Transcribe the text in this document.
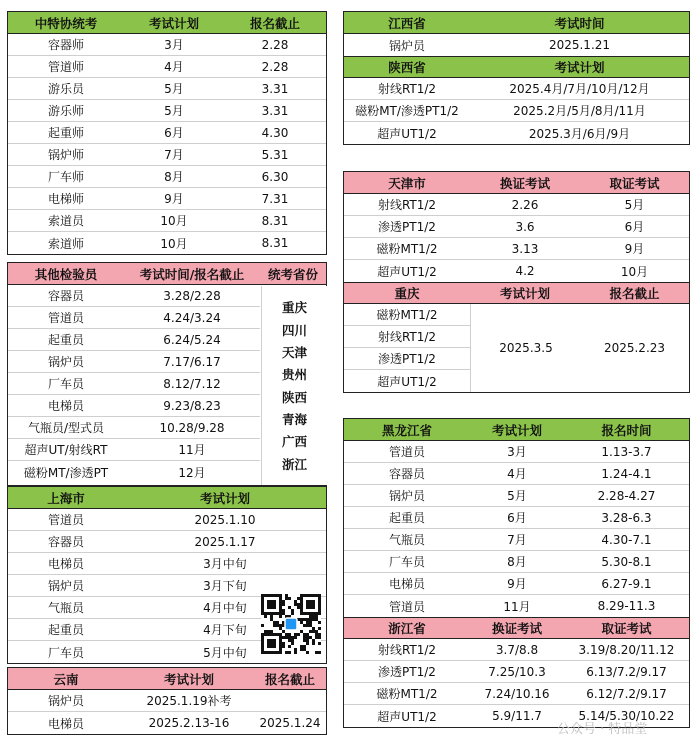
中特协统考	考试计划	报名截止
容器师	3月	2.28
管道师	4月	2.28
游乐员	5月	3.31
游乐师	5月	3.31
起重师	6月	4.30
锅炉师	7月	5.31
厂车师	8月	6.30
电梯师	9月	7.31
索道员	10月	8.31
索道师	10月	8.31
其他检验员	考试时间/报名截止	统考省份
容器员	3.28/2.28
管道员	4.24/3.24
起重员	6.24/5.24
锅炉员	7.17/6.17
厂车员	8.12/7.12
电梯员	9.23/8.23
气瓶员/型式员	10.28/9.28
超声UT/射线RT	11月
磁粉MT/渗透PT	12月
重庆
四川
天津
贵州
陕西
青海
广西
浙江
上海市	考试计划
管道员	2025.1.10
容器员	2025.1.17
电梯员	3月中旬
锅炉员	3月下旬
气瓶员	4月中旬
起重员	4月下旬
厂车员	5月中旬
云南	考试计划	报名截止
锅炉员	2025.1.19补考
电梯员	2025.2.13-16	2025.1.24
江西省	考试时间
锅炉员	2025.1.21
陕西省	考试计划
射线RT1/2	2025.4月/7月/10月/12月
磁粉MT/渗透PT1/2	2025.2月/5月/8月/11月
超声UT1/2	2025.3月/6月/9月
天津市	换证考试	取证考试
射线RT1/2	2.26	5月
渗透PT1/2	3.6	6月
磁粉MT1/2	3.13	9月
超声UT1/2	4.2	10月
重庆	考试计划	报名截止
磁粉MT1/2
射线RT1/2
渗透PT1/2
超声UT1/2
2025.3.5	2025.2.23
黑龙江省	考试计划	报名时间
管道员	3月	1.13-3.7
容器员	4月	1.24-4.1
锅炉员	5月	2.28-4.27
起重员	6月	3.28-6.3
气瓶员	7月	4.30-7.1
厂车员	8月	5.30-8.1
电梯员	9月	6.27-9.1
管道员	11月	8.29-11.3
浙江省	换证考试	取证考试
射线RT1/2	3.7/8.8	3.19/8.20/11.12
渗透PT1/2	7.25/10.3	6.13/7.2/9.17
磁粉MT1/2	7.24/10.16	6.12/7.2/9.17
超声UT1/2	5.9/11.7	5.14/5.30/10.22
公众号 · 特品堂
